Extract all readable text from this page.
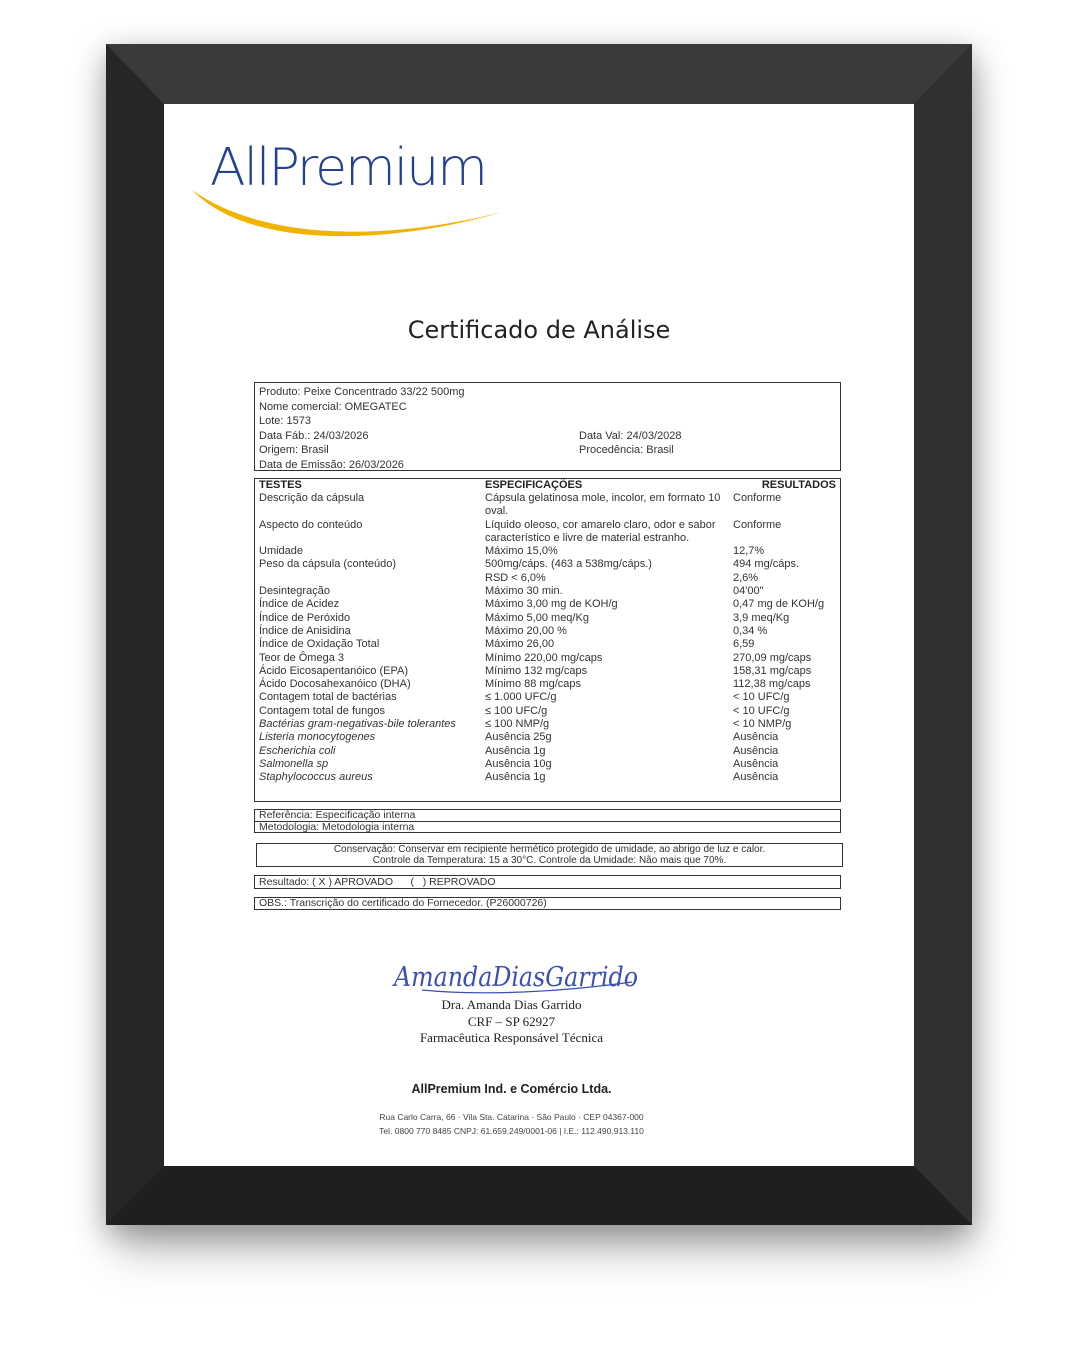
AllPremium
Certificado de Análise
Produto: Peixe Concentrado 33/22 500mg
Nome comercial: OMEGATEC
Lote: 1573
Data Fáb.: 24/03/2026	Data Val: 24/03/2028
Origem: Brasil	Procedência: Brasil
Data de Emissão: 26/03/2026
TESTES	ESPECIFICAÇÕES	RESULTADOS
Descrição da cápsula	Cápsula gelatinosa mole, incolor, em formato 10 oval.	Conforme
Aspecto do conteúdo	Líquido oleoso, cor amarelo claro, odor e sabor característico e livre de material estranho.	Conforme
Umidade	Máximo 15,0%	12,7%
Peso da cápsula (conteúdo)	500mg/cáps. (463 a 538mg/cáps.)	494 mg/cáps.
	RSD < 6,0%	2,6%
Desintegração	Máximo 30 min.	04'00"
Índice de Acidez	Máximo 3,00 mg de KOH/g	0,47 mg de KOH/g
Índice de Peróxido	Máximo 5,00 meq/Kg	3,9 meq/Kg
Índice de Anisidina	Máximo 20,00 %	0,34 %
Índice de Oxidação Total	Máximo 26,00	6,59
Teor de Ômega 3	Mínimo 220,00 mg/caps	270,09 mg/caps
Ácido Eicosapentanóico (EPA)	Mínimo 132 mg/caps	158,31 mg/caps
Ácido Docosahexanóico (DHA)	Mínimo 88 mg/caps	112,38 mg/caps
Contagem total de bactérias	≤ 1.000 UFC/g	< 10 UFC/g
Contagem total de fungos	≤ 100 UFC/g	< 10 UFC/g
Bactérias gram-negativas-bile tolerantes	≤ 100 NMP/g	< 10 NMP/g
Listeria monocytogenes	Ausência 25g	Ausência
Escherichia coli	Ausência 1g	Ausência
Salmonella sp	Ausência 10g	Ausência
Staphylococcus aureus	Ausência 1g	Ausência
Referência: Especificação interna
Metodologia: Metodologia interna
Conservação: Conservar em recipiente hermético protegido de umidade, ao abrigo de luz e calor.
Controle da Temperatura: 15 a 30°C. Controle da Umidade: Não mais que 70%.
Resultado: ( X ) APROVADO      (   ) REPROVADO
OBS.: Transcrição do certificado do Fornecedor. (P26000726)
AmandaDiasGarrido
Dra. Amanda Dias Garrido
CRF – SP 62927
Farmacêutica Responsável Técnica
AllPremium Ind. e Comércio Ltda.
Rua Carlo Carra, 66 · Vila Sta. Catarina · São Paulo · CEP 04367-000
Tel. 0800 770 8485 CNPJ: 61.659.249/0001-06 | I.E.: 112.490.913.110
